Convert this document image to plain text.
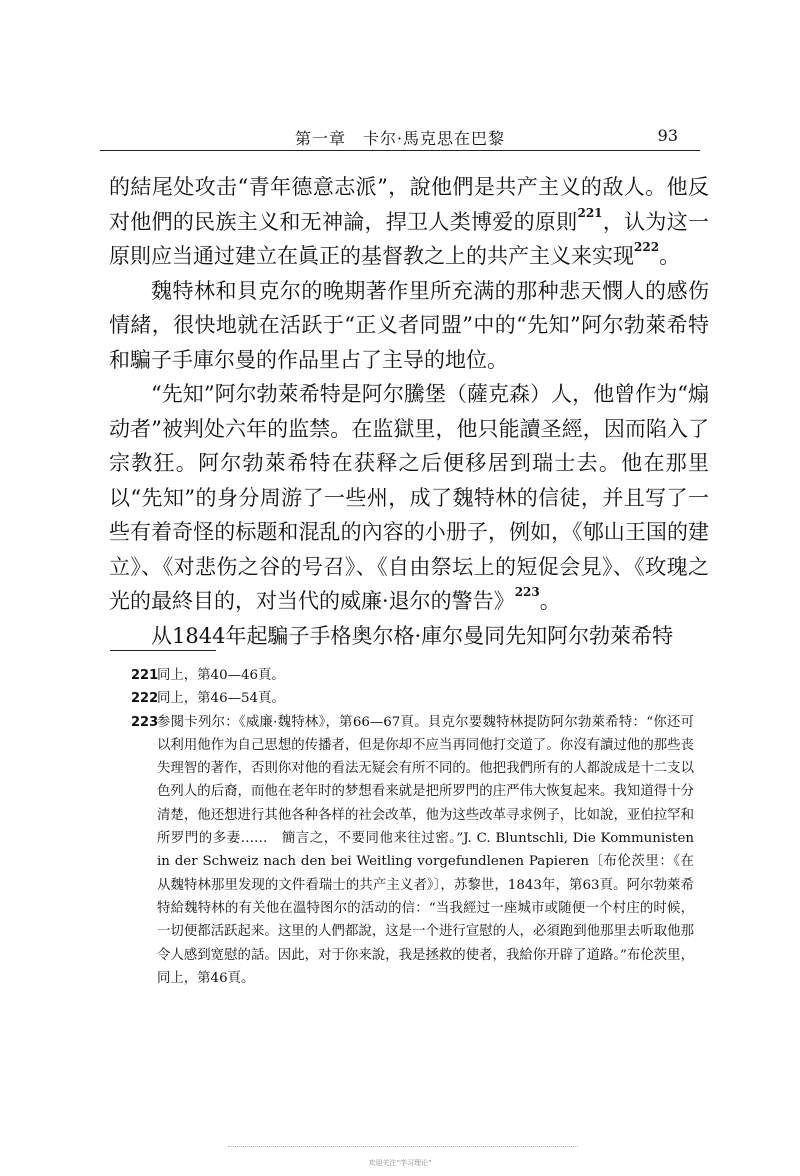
第一章　卡尔·馬克思在巴黎	93

的結尾处攻击“青年德意志派”，說他們是共产主义的敌人。他反对他們的民族主义和无神論，捍卫人类博爱的原則$^{221}$，认为这一原則应当通过建立在眞正的基督教之上的共产主义来实现$^{222}$。

魏特林和貝克尔的晚期著作里所充满的那种悲天憫人的感伤情緒，很快地就在活跃于“正义者同盟”中的“先知”阿尔勃萊希特和騙子手庫尔曼的作品里占了主导的地位。

“先知”阿尔勃萊希特是阿尔騰堡（薩克森）人，他曾作为“煽动者”被判处六年的监禁。在监獄里，他只能讀圣經，因而陷入了宗教狂。阿尔勃萊希特在获释之后便移居到瑞士去。他在那里以“先知”的身分周游了一些州，成了魏特林的信徒，并且写了一些有着奇怪的标题和混乱的內容的小册子，例如，《郇山王国的建立》、《对悲伤之谷的号召》、《自由祭坛上的短促会見》、《玫瑰之光的最終目的，对当代的威廉·退尔的警告》$^{223}$。

从1844年起騙子手格奥尔格·庫尔曼同先知阿尔勃萊希特

221
同上，第40—46頁。
222
同上，第46—54頁。
223
参閱卡列尔：《威廉·魏特林》，第66—67頁。貝克尔要魏特林提防阿尔勃萊希特：“你还可以利用他作为自己思想的传播者，但是你却不应当再同他打交道了。你沒有讀过他的那些丧失理智的著作，否則你对他的看法无疑会有所不同的。他把我們所有的人都說成是十二支以色列人的后裔，而他在老年时的梦想看来就是把所罗門的庄严伟大恢复起来。我知道得十分清楚，他还想进行其他各种各样的社会改革，他为这些改革寻求例子，比如說，亚伯拉罕和所罗門的多妻……　簡言之，不要同他来往过密。”J. C. Bluntschli, Die Kommunisten in der Schweiz nach den bei Weitling vorgefundlenen Papieren〔布伦茨里：《在从魏特林那里发现的文件看瑞士的共产主义者》〕，苏黎世，1843年，第63頁。阿尔勃萊希特給魏特林的有关他在溫特图尔的活动的信：“当我經过一座城市或随便一个村庄的时候，一切便都活跃起来。这里的人們都說，这是一个进行宣慰的人，必須跑到他那里去听取他那令人感到宽慰的話。因此，对于你来說，我是拯救的使者，我給你开辟了道路。”布伦茨里，同上，第46頁。
欢迎关注“学习理论”
